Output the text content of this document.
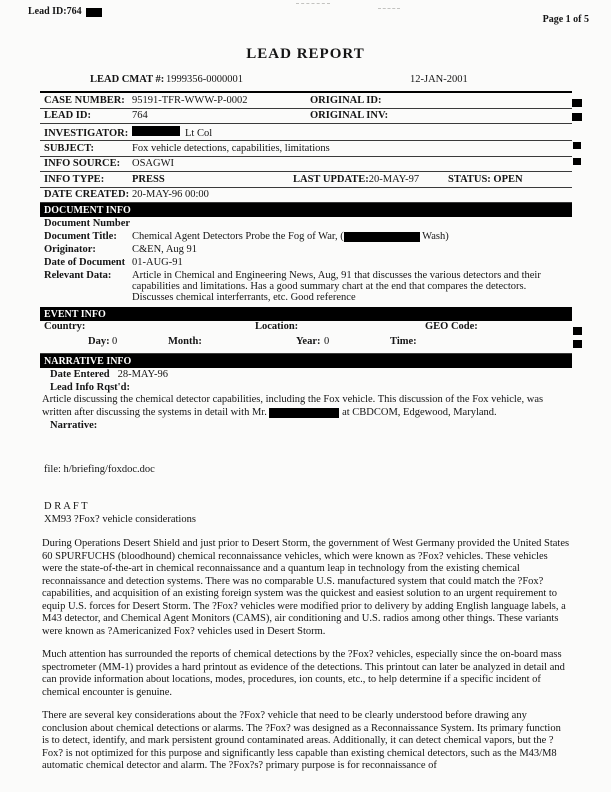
Lead ID:764
Page 1 of 5
LEAD REPORT
LEAD CMAT #: 1999356-0000001	12-JAN-2001
CASE NUMBER: 95191-TFR-WWW-P-0002	ORIGINAL ID:
LEAD ID:	764	ORIGINAL INV:
INVESTIGATOR:	Lt Col
SUBJECT:	Fox vehicle detections, capabilities, limitations
INFO SOURCE:	OSAGWI
INFO TYPE:	PRESS	LAST UPDATE:20-MAY-97	STATUS: OPEN
DATE CREATED: 20-MAY-96 00:00
DOCUMENT INFO
Document Number
Document Title:	Chemical Agent Detectors Probe the Fog of War, (	Wash)
Originator:	C&EN, Aug 91
Date of Document 01-AUG-91
Relevant Data:	Article in Chemical and Engineering News, Aug, 91 that discusses the various detectors and their capabilities and limitations. Has a good summary chart at the end that compares the detectors. Discusses chemical interferrants, etc. Good reference
EVENT INFO
Country:	Location:	GEO Code:
Day: 0	Month:	Year: 0	Time:
NARRATIVE INFO
Date Entered 28-MAY-96
Lead Info Rqst'd:
Article discussing the chemical detector capabilities, including the Fox vehicle. This discussion of the Fox vehicle, was written after discussing the systems in detail with Mr.	at CBDCOM, Edgewood, Maryland.
Narrative:
file: h/briefing/foxdoc.doc
D R A F T
XM93 ?Fox? vehicle considerations

During Operations Desert Shield and just prior to Desert Storm, the government of West Germany provided the United States 60 SPURFUCHS (bloodhound) chemical reconnaissance vehicles, which were known as ?Fox? vehicles. These vehicles were the state-of-the-art in chemical reconnaissance and a quantum leap in technology from the existing chemical reconnaissance and detection systems. There was no comparable U.S. manufactured system that could match the ?Fox? capabilities, and acquisition of an existing foreign system was the quickest and easiest solution to an urgent requirement to equip U.S. forces for Desert Storm. The ?Fox? vehicles were modified prior to delivery by adding English language labels, a M43 detector, and Chemical Agent Monitors (CAMS), air conditioning and U.S. radios among other things. These variants were known as ?Americanized Fox? vehicles used in Desert Storm.

Much attention has surrounded the reports of chemical detections by the ?Fox? vehicles, especially since the on-board mass spectrometer (MM-1) provides a hard printout as evidence of the detections. This printout can later be analyzed in detail and can provide information about locations, modes, procedures, ion counts, etc., to help determine if a specific incident of chemical encounter is genuine.

There are several key considerations about the ?Fox? vehicle that need to be clearly understood before drawing any conclusion about chemical detections or alarms. The ?Fox? was designed as a Reconnaissance System. Its primary function is to detect, identify, and mark persistent ground contaminated areas. Additionally, it can detect chemical vapors, but the ?Fox? is not optimized for this purpose and significantly less capable than existing chemical detectors, such as the M43/M8 automatic chemical detector and alarm. The ?Fox?s? primary purpose is for reconnaissance of
